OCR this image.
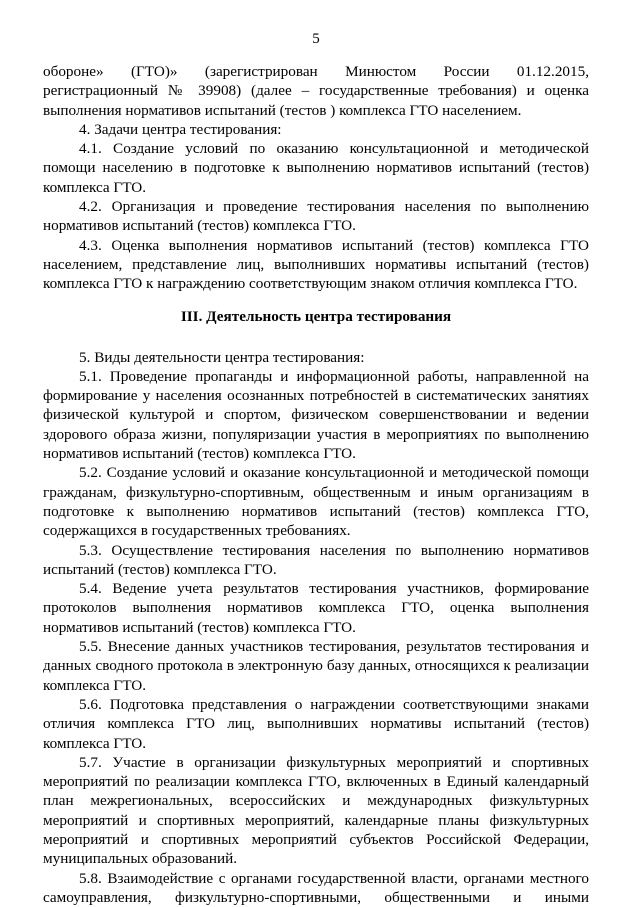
5

обороне» (ГТО)» (зарегистрирован Минюстом России 01.12.2015, регистрационный № 39908) (далее – государственные требования) и оценка выполнения нормативов испытаний (тестов ) комплекса ГТО населением.

4. Задачи центра тестирования:

4.1. Создание условий по оказанию консультационной и методической помощи населению в подготовке к выполнению нормативов испытаний (тестов) комплекса ГТО.

4.2. Организация и проведение тестирования населения по выполнению нормативов испытаний (тестов) комплекса ГТО.

4.3. Оценка выполнения нормативов испытаний (тестов) комплекса ГТО населением, представление лиц, выполнивших нормативы испытаний (тестов) комплекса ГТО к награждению соответствующим знаком отличия комплекса ГТО.

III. Деятельность центра тестирования

5. Виды деятельности центра тестирования:

5.1. Проведение пропаганды и информационной работы, направленной на формирование у населения осознанных потребностей в систематических занятиях физической культурой и спортом, физическом совершенствовании и ведении здорового образа жизни, популяризации участия в мероприятиях по выполнению нормативов испытаний (тестов) комплекса ГТО.

5.2. Создание условий и оказание консультационной и методической помощи гражданам, физкультурно-спортивным, общественным и иным организациям в подготовке к выполнению нормативов испытаний (тестов) комплекса ГТО, содержащихся в государственных требованиях.

5.3. Осуществление тестирования населения по выполнению нормативов испытаний (тестов) комплекса ГТО.

5.4. Ведение учета результатов тестирования участников, формирование протоколов выполнения нормативов комплекса ГТО, оценка выполнения нормативов испытаний (тестов) комплекса ГТО.

5.5. Внесение данных участников тестирования, результатов тестирования и данных сводного протокола в электронную базу данных, относящихся к реализации комплекса ГТО.

5.6. Подготовка представления о награждении соответствующими знаками отличия комплекса ГТО лиц, выполнивших нормативы испытаний (тестов) комплекса ГТО.

5.7. Участие в организации физкультурных мероприятий и спортивных мероприятий по реализации комплекса ГТО, включенных в Единый календарный план межрегиональных, всероссийских и международных физкультурных мероприятий и спортивных мероприятий, календарные планы физкультурных мероприятий и спортивных мероприятий субъектов Российской Федерации, муниципальных образований.

5.8. Взаимодействие с органами государственной власти, органами местного самоуправления, физкультурно-спортивными, общественными и иными
